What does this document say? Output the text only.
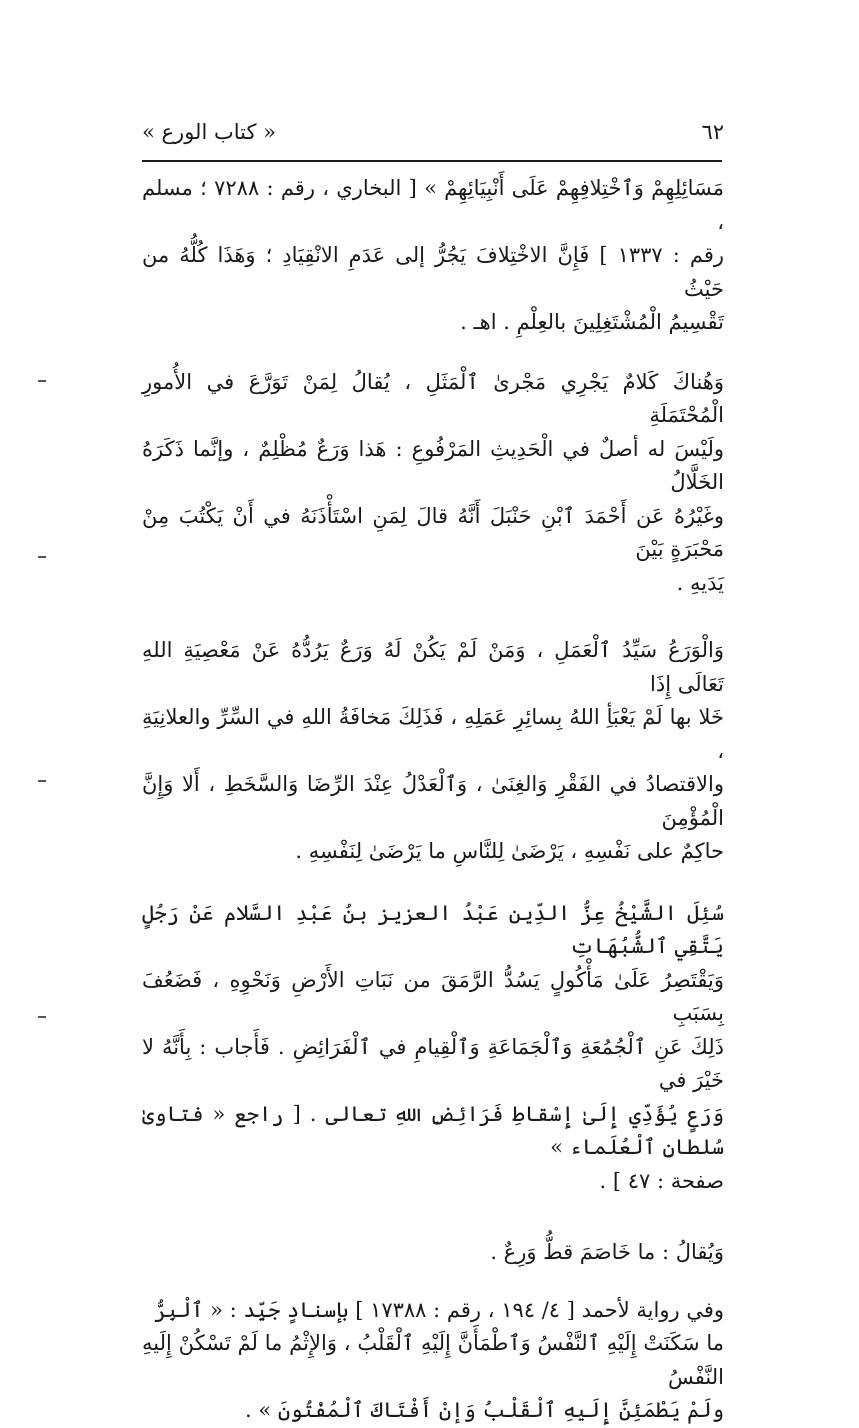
٦٢
« كتاب الورع »

مَسَائِلِهِمْ وَٱخْتِلافِهِمْ عَلَى أَنْبِيَائِهِمْ » [ البخاري ، رقم : ٧٢٨٨ ؛ مسلم ،
رقم : ١٣٣٧ ] فَإِنَّ الاخْتِلافَ يَجُرُّ إلى عَدَمِ الانْقِيَادِ ؛ وَهَذَا كُلُّهُ من حَيْثُ
تَقْسِيمُ الْمُشْتَغِلِينَ بالعِلْمِ . اهـ .

وَهُناكَ كَلامٌ يَجْرِي مَجْرىٰ ٱلْمَثَلِ ، يُقالُ لِمَنْ تَوَرَّعَ في الأُمورِ الْمُحْتَمَلَةِ
ولَيْسَ له أصلٌ في الْحَدِيثِ المَرْفُوعِ : هَذا وَرَعٌ مُظْلِمٌ ، وإنَّما ذَكَرَهُ الخَلَّالُ
وغَيْرُهُ عَن أَحْمَدَ ٱبْنِ حَنْبَلَ أَنَّهُ قالَ لِمَنِ اسْتَأْذَنَهُ في أَنْ يَكْتُبَ مِنْ مَحْبَرَةٍ بَيْنَ
يَدَيهِ .

وَالْوَرَعُ سَيِّدُ ٱلْعَمَلِ ، وَمَنْ لَمْ يَكُنْ لَهُ وَرَعٌ يَرُدُّهُ عَنْ مَعْصِيَةِ اللهِ تَعَالَى إِذَا
خَلا بها لَمْ يَعْبَأِ اللهُ بِسائِرِ عَمَلِهِ ، فَذَلِكَ مَخافَةُ اللهِ في السِّرِّ والعلانِيَةِ ،
والاقتصادُ في الفَقْرِ وَالغِنَىٰ ، وَٱلْعَدْلُ عِنْدَ الرِّضَا وَالسَّخَطِ ، أَلا وَإِنَّ الْمُؤْمِنَ
حاكِمٌ على نَفْسِهِ ، يَرْضَىٰ لِلنَّاسِ ما يَرْضَىٰ لِنَفْسِهِ .

سُئِلَ الشَّيْخُ عِزُّ الدِّين عَبْدُ العزيز بنُ عَبْدِ السَّلام عَنْ رَجُلٍ يَتَّقِي ٱلشُّبُهَاتِ
وَيَقْتَصِرُ عَلَىٰ مَأْكُولٍ يَسُدُّ الرَّمَقَ من نَبَاتِ الأَرْضِ وَنَحْوِهِ ، فَضَعُفَ بِسَبَبِ
ذَلِكَ عَنِ ٱلْجُمُعَةِ وَٱلْجَمَاعَةِ وَٱلْقِيامِ في ٱلْفَرَائِضِ . فَأَجاب : بِأَنَّهُ لا خَيْرَ في
وَرَعٍ يُؤَدِّي إِلَىٰ إِسْقاطِ فَرَائِضِ اللهِ تعالى . [ راجع « فتاوىٰ سُلطانِ ٱلْعُلَماء »
صفحة : ٤٧ ] .

وَيُقالُ : ما خَاصَمَ قطُّ وَرِعٌ .

وفي رواية لأحمد [ ٤/ ١٩٤ ، رقم : ١٧٣٨٨ ] بإسنادٍ جَيِّد : « ٱلْبِرُّ
ما سَكَنَتْ إِلَيْهِ ٱلنَّفْسُ وَٱطْمَأَنَّ إِلَيْهِ ٱلْقَلْبُ ، وَالإِثْمُ ما لَمْ تَسْكُنْ إِلَيهِ النَّفْسُ
ولَمْ يَطْمَئِنَّ إِلَيهِ ٱلْقَلْبُ وَإنْ أَفْتَاكَ ٱلْمُفْتُونَ » .
